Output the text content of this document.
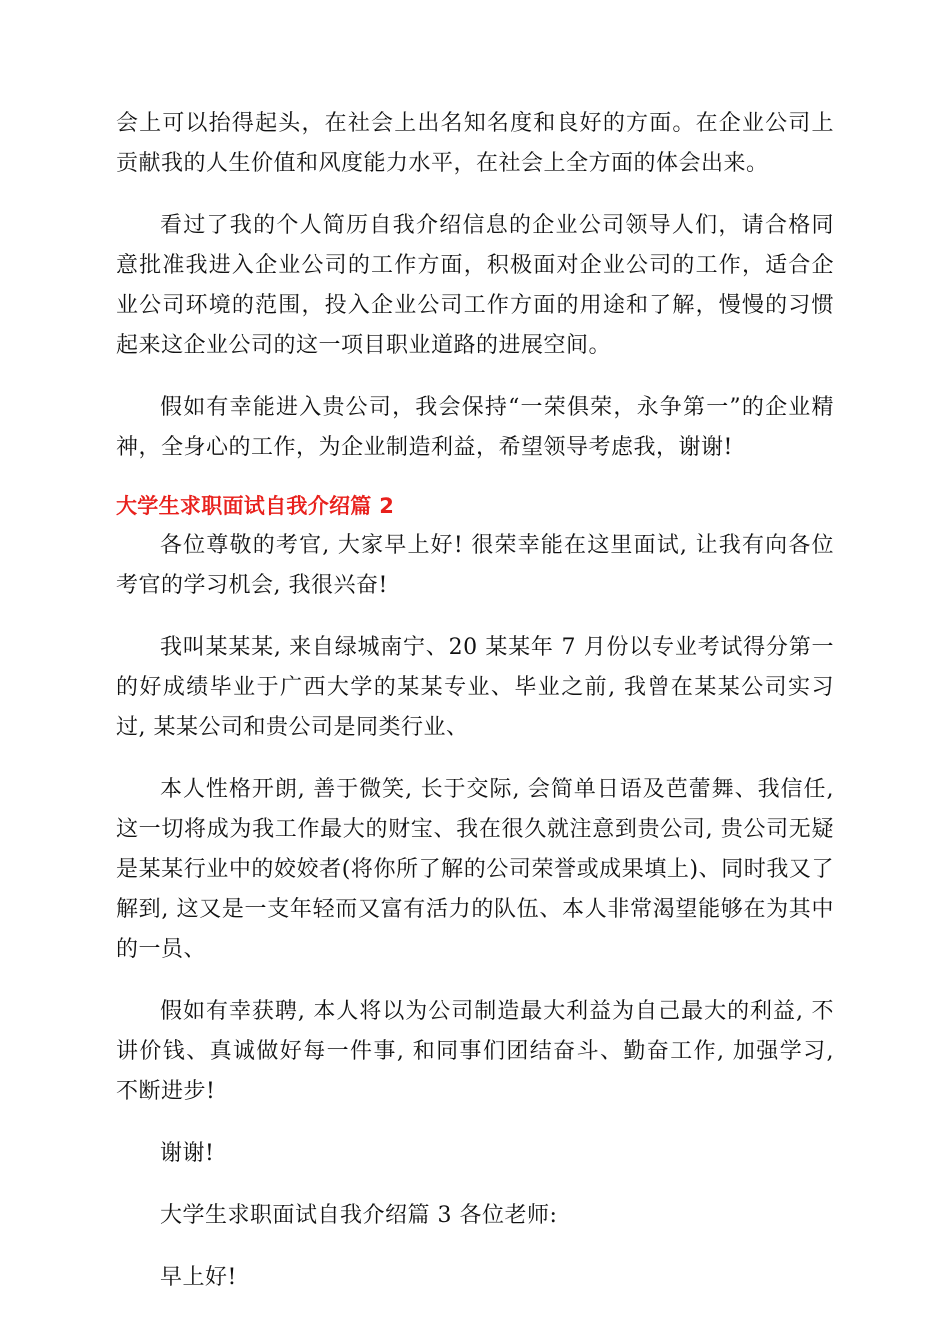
会上可以抬得起头，在社会上出名知名度和良好的方面。在企业公司上贡献我的人生价值和风度能力水平，在社会上全方面的体会出来。

看过了我的个人简历自我介绍信息的企业公司领导人们，请合格同意批准我进入企业公司的工作方面，积极面对企业公司的工作，适合企业公司环境的范围，投入企业公司工作方面的用途和了解，慢慢的习惯起来这企业公司的这一项目职业道路的进展空间。

假如有幸能进入贵公司，我会保持“一荣俱荣，永争第一”的企业精神，全身心的工作，为企业制造利益，希望领导考虑我，谢谢!

大学生求职面试自我介绍篇 2

各位尊敬的考官, 大家早上好! 很荣幸能在这里面试, 让我有向各位考官的学习机会, 我很兴奋!

我叫某某某, 来自绿城南宁、20 某某年 7 月份以专业考试得分第一的好成绩毕业于广西大学的某某专业、毕业之前, 我曾在某某公司实习过, 某某公司和贵公司是同类行业、

本人性格开朗, 善于微笑, 长于交际, 会简单日语及芭蕾舞、我信任, 这一切将成为我工作最大的财宝、我在很久就注意到贵公司, 贵公司无疑是某某行业中的姣姣者(将你所了解的公司荣誉或成果填上)、同时我又了解到, 这又是一支年轻而又富有活力的队伍、本人非常渴望能够在为其中的一员、

假如有幸获聘, 本人将以为公司制造最大利益为自己最大的利益, 不讲价钱、真诚做好每一件事, 和同事们团结奋斗、勤奋工作, 加强学习, 不断进步!

谢谢!

大学生求职面试自我介绍篇 3 各位老师:

早上好!
